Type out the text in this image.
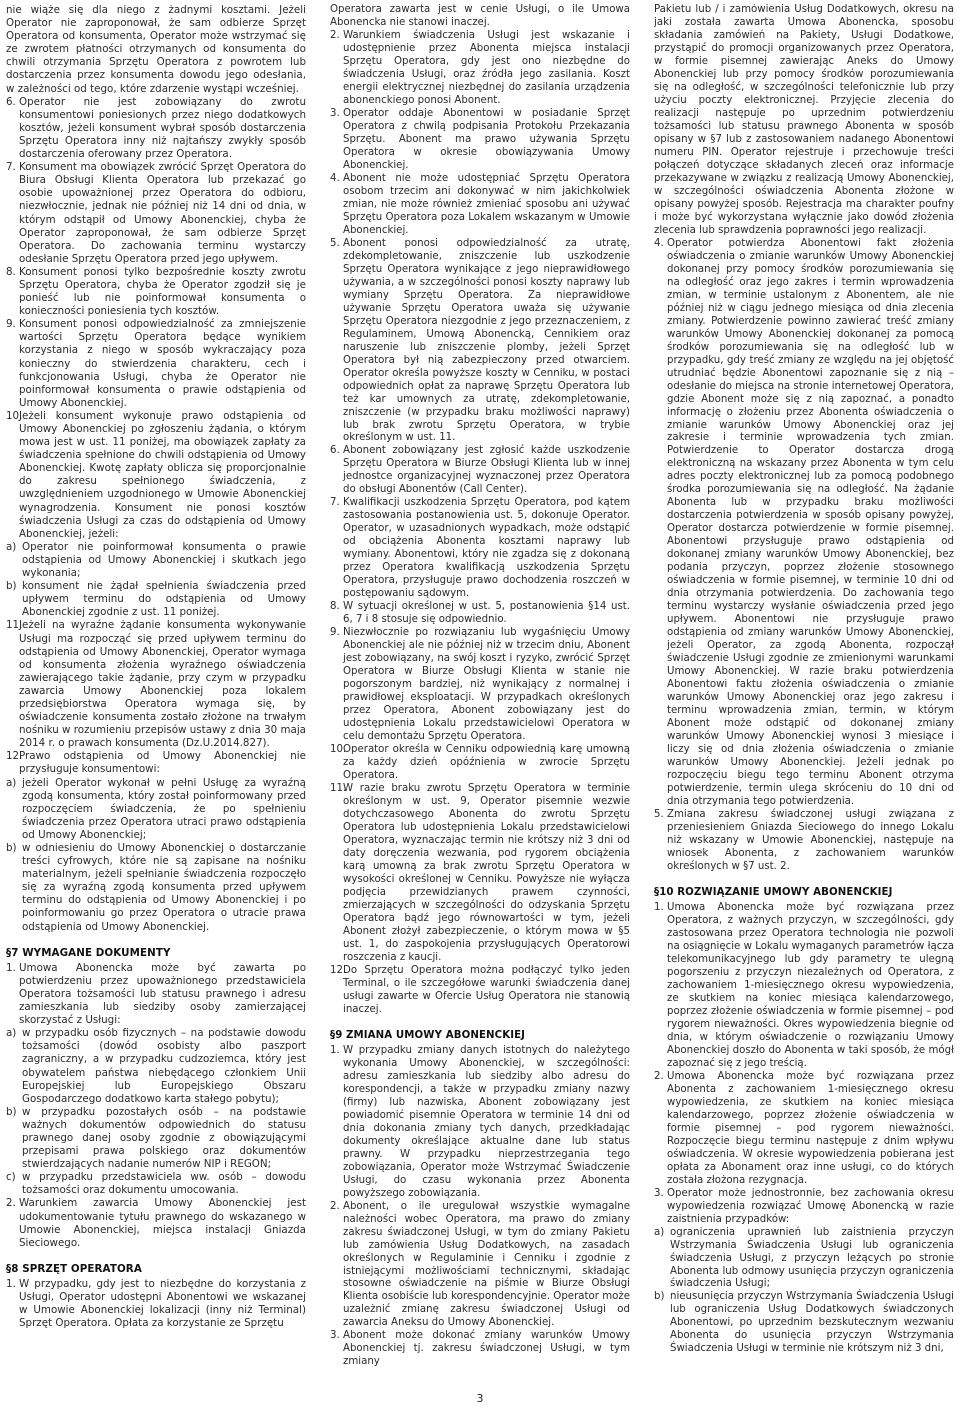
nie wiąże się dla niego z żadnymi kosztami. Jeżeli Operator nie zaproponował, że sam odbierze Sprzęt Operatora od konsumenta, Operator może wstrzymać się ze zwrotem płatności otrzymanych od konsumenta do chwili otrzymania Sprzętu Operatora z powrotem lub dostarczenia przez konsumenta dowodu jego odesłania, w zależności od tego, które zdarzenie wystąpi wcześniej.

6. Operator nie jest zobowiązany do zwrotu konsumentowi poniesionych przez niego dodatkowych kosztów, jeżeli konsument wybrał sposób dostarczenia Sprzętu Operatora inny niż najtańszy zwykły sposób dostarczenia oferowany przez Operatora.
7. Konsument ma obowiązek zwrócić Sprzęt Operatora do Biura Obsługi Klienta Operatora lub przekazać go osobie upoważnionej przez Operatora do odbioru, niezwłocznie, jednak nie później niż 14 dni od dnia, w którym odstąpił od Umowy Abonenckiej, chyba że Operator zaproponował, że sam odbierze Sprzęt Operatora. Do zachowania terminu wystarczy odesłanie Sprzętu Operatora przed jego upływem.
8. Konsument ponosi tylko bezpośrednie koszty zwrotu Sprzętu Operatora, chyba że Operator zgodził się je ponieść lub nie poinformował konsumenta o konieczności poniesienia tych kosztów.
9. Konsument ponosi odpowiedzialność za zmniejszenie wartości Sprzętu Operatora będące wynikiem korzystania z niego w sposób wykraczający poza konieczny do stwierdzenia charakteru, cech i funkcjonowania Usługi, chyba że Operator nie poinformował konsumenta o prawie odstąpienia od Umowy Abonenckiej.
10.
Jeżeli konsument wykonuje prawo odstąpienia od Umowy Abonenckiej po zgłoszeniu żądania, o którym mowa jest w ust. 11 poniżej, ma obowiązek zapłaty za świadczenia spełnione do chwili odstąpienia od Umowy Abonenckiej. Kwotę zapłaty oblicza się proporcjonalnie do zakresu spełnionego świadczenia, z uwzględnieniem uzgodnionego w Umowie Abonenckiej wynagrodzenia. Konsument nie ponosi kosztów świadczenia Usługi za czas do odstąpienia od Umowy Abonenckiej, jeżeli:
a) Operator nie poinformował konsumenta o prawie odstąpienia od Umowy Abonenckiej i skutkach jego wykonania;
b) konsument nie żądał spełnienia świadczenia przed upływem terminu do odstąpienia od Umowy Abonenckiej zgodnie z ust. 11 poniżej.
11.
Jeżeli na wyraźne żądanie konsumenta wykonywanie Usługi ma rozpocząć się przed upływem terminu do odstąpienia od Umowy Abonenckiej, Operator wymaga od konsumenta złożenia wyraźnego oświadczenia zawierającego takie żądanie, przy czym w przypadku zawarcia Umowy Abonenckiej poza lokalem przedsiębiorstwa Operatora wymaga się, by oświadczenie konsumenta zostało złożone na trwałym nośniku w rozumieniu przepisów ustawy z dnia 30 maja 2014 r. o prawach konsumenta (Dz.U.2014.827).
12.
Prawo odstąpienia od Umowy Abonenckiej nie przysługuje konsumentowi:
a) jeżeli Operator wykonał w pełni Usługę za wyraźną zgodą konsumenta, który został poinformowany przed rozpoczęciem świadczenia, że po spełnieniu świadczenia przez Operatora utraci prawo odstąpienia od Umowy Abonenckiej;
b) w odniesieniu do Umowy Abonenckiej o dostarczanie treści cyfrowych, które nie są zapisane na nośniku materialnym, jeżeli spełnianie świadczenia rozpoczęło się za wyraźną zgodą konsumenta przed upływem terminu do odstąpienia od Umowy Abonenckiej i po poinformowaniu go przez Operatora o utracie prawa odstąpienia od Umowy Abonenckiej.
§7 WYMAGANE DOKUMENTY
1. Umowa Abonencka może być zawarta po potwierdzeniu przez upoważnionego przedstawiciela Operatora tożsamości lub statusu prawnego i adresu zamieszkania lub siedziby osoby zamierzającej skorzystać z Usługi:
a) w przypadku osób fizycznych – na podstawie dowodu tożsamości (dowód osobisty albo paszport zagraniczny, a w przypadku cudzoziemca, który jest obywatelem państwa niebędącego członkiem Unii Europejskiej lub Europejskiego Obszaru Gospodarczego dodatkowo karta stałego pobytu);
b) w przypadku pozostałych osób – na podstawie ważnych dokumentów odpowiednich do statusu prawnego danej osoby zgodnie z obowiązującymi przepisami prawa polskiego oraz dokumentów stwierdzających nadanie numerów NIP i REGON;
c) w przypadku przedstawiciela ww. osób – dowodu tożsamości oraz dokumentu umocowania.
2. Warunkiem zawarcia Umowy Abonenckiej jest udokumentowanie tytułu prawnego do wskazanego w Umowie Abonenckiej, miejsca instalacji Gniazda Sieciowego.
§8 SPRZĘT OPERATORA
1. W przypadku, gdy jest to niezbędne do korzystania z Usługi, Operator udostępni Abonentowi we wskazanej w Umowie Abonenckiej lokalizacji (inny niż Terminal) Sprzęt Operatora. Opłata za korzystanie ze Sprzętu

Operatora zawarta jest w cenie Usługi, o ile Umowa Abonencka nie stanowi inaczej.

2. Warunkiem świadczenia Usługi jest wskazanie i udostępnienie przez Abonenta miejsca instalacji Sprzętu Operatora, gdy jest ono niezbędne do świadczenia Usługi, oraz źródła jego zasilania. Koszt energii elektrycznej niezbędnej do zasilania urządzenia abonenckiego ponosi Abonent.
3. Operator oddaje Abonentowi w posiadanie Sprzęt Operatora z chwilą podpisania Protokołu Przekazania Sprzętu. Abonent ma prawo używania Sprzętu Operatora w okresie obowiązywania Umowy Abonenckiej.
4. Abonent nie może udostępniać Sprzętu Operatora osobom trzecim ani dokonywać w nim jakichkolwiek zmian, nie może również zmieniać sposobu ani używać Sprzętu Operatora poza Lokalem wskazanym w Umowie Abonenckiej.
5. Abonent ponosi odpowiedzialność za utratę, zdekompletowanie, zniszczenie lub uszkodzenie Sprzętu Operatora wynikające z jego nieprawidłowego używania, a w szczególności ponosi koszty naprawy lub wymiany Sprzętu Operatora. Za nieprawidłowe używanie Sprzętu Operatora uważa się używanie Sprzętu Operatora niezgodnie z jego przeznaczeniem, z Regulaminem, Umową Abonencką, Cennikiem oraz naruszenie lub zniszczenie plomby, jeżeli Sprzęt Operatora był nią zabezpieczony przed otwarciem. Operator określa powyższe koszty w Cenniku, w postaci odpowiednich opłat za naprawę Sprzętu Operatora lub też kar umownych za utratę, zdekompletowanie, zniszczenie (w przypadku braku możliwości naprawy) lub brak zwrotu Sprzętu Operatora, w trybie określonym w ust. 11.
6. Abonent zobowiązany jest zgłosić każde uszkodzenie Sprzętu Operatora w Biurze Obsługi Klienta lub w innej jednostce organizacyjnej wyznaczonej przez Operatora do obsługi Abonentów (Call Center).
7. Kwalifikacji uszkodzenia Sprzętu Operatora, pod kątem zastosowania postanowienia ust. 5, dokonuje Operator. Operator, w uzasadnionych wypadkach, może odstąpić od obciążenia Abonenta kosztami naprawy lub wymiany. Abonentowi, który nie zgadza się z dokonaną przez Operatora kwalifikacją uszkodzenia Sprzętu Operatora, przysługuje prawo dochodzenia roszczeń w postępowaniu sądowym.
8. W sytuacji określonej w ust. 5, postanowienia §14 ust. 6, 7 i 8 stosuje się odpowiednio.
9. Niezwłocznie po rozwiązaniu lub wygaśnięciu Umowy Abonenckiej ale nie później niż w trzecim dniu, Abonent jest zobowiązany, na swój koszt i ryzyko, zwrócić Sprzęt Operatora w Biurze Obsługi Klienta w stanie nie pogorszonym bardziej, niż wynikający z normalnej i prawidłowej eksploatacji. W przypadkach określonych przez Operatora, Abonent zobowiązany jest do udostępnienia Lokalu przedstawicielowi Operatora w celu demontażu Sprzętu Operatora.
10.
Operator określa w Cenniku odpowiednią karę umowną za każdy dzień opóźnienia w zwrocie Sprzętu Operatora.
11.
W razie braku zwrotu Sprzętu Operatora w terminie określonym w ust. 9, Operator pisemnie wezwie dotychczasowego Abonenta do zwrotu Sprzętu Operatora lub udostępnienia Lokalu przedstawicielowi Operatora, wyznaczając termin nie krótszy niż 3 dni od daty doręczenia wezwania, pod rygorem obciążenia karą umowną za brak zwrotu Sprzętu Operatora w wysokości określonej w Cenniku. Powyższe nie wyłącza podjęcia przewidzianych prawem czynności, zmierzających w szczególności do odzyskania Sprzętu Operatora bądź jego równowartości w tym, jeżeli Abonent złożył zabezpieczenie, o którym mowa w §5 ust. 1, do zaspokojenia przysługujących Operatorowi roszczenia z kaucji.
12.
Do Sprzętu Operatora można podłączyć tylko jeden Terminal, o ile szczegółowe warunki świadczenia danej usługi zawarte w Ofercie Usług Operatora nie stanowią inaczej.
§9 ZMIANA UMOWY ABONENCKIEJ
1. W przypadku zmiany danych istotnych do należytego wykonania Umowy Abonenckiej, w szczególności: adresu zamieszkania lub siedziby albo adresu do korespondencji, a także w przypadku zmiany nazwy (firmy) lub nazwiska, Abonent zobowiązany jest powiadomić pisemnie Operatora w terminie 14 dni od dnia dokonania zmiany tych danych, przedkładając dokumenty określające aktualne dane lub status prawny. W przypadku nieprzestrzegania tego zobowiązania, Operator może Wstrzymać Świadczenie Usługi, do czasu wykonania przez Abonenta powyższego zobowiązania.
2. Abonent, o ile uregulował wszystkie wymagalne należności wobec Operatora, ma prawo do zmiany zakresu świadczonej Usługi, w tym do zmiany Pakietu lub zamówienia Usług Dodatkowych, na zasadach określonych w Regulaminie i Cenniku i zgodnie z istniejącymi możliwościami technicznymi, składając stosowne oświadczenie na piśmie w Biurze Obsługi Klienta osobiście lub korespondencyjnie. Operator może uzależnić zmianę zakresu świadczonej Usługi od zawarcia Aneksu do Umowy Abonenckiej.
3. Abonent może dokonać zmiany warunków Umowy Abonenckiej tj. zakresu świadczonej Usługi, w tym zmiany

Pakietu lub / i zamówienia Usług Dodatkowych, okresu na jaki została zawarta Umowa Abonencka, sposobu składania zamówień na Pakiety, Usługi Dodatkowe, przystąpić do promocji organizowanych przez Operatora, w formie pisemnej zawierając Aneks do Umowy Abonenckiej lub przy pomocy środków porozumiewania się na odległość, w szczególności telefonicznie lub przy użyciu poczty elektronicznej. Przyjęcie zlecenia do realizacji następuje po uprzednim potwierdzeniu tożsamości lub statusu prawnego Abonenta w sposób opisany w §7 lub z zastosowaniem nadanego Abonentowi numeru PIN. Operator rejestruje i przechowuje treści połączeń dotyczące składanych zleceń oraz informacje przekazywane w związku z realizacją Umowy Abonenckiej, w szczególności oświadczenia Abonenta złożone w opisany powyżej sposób. Rejestracja ma charakter poufny i może być wykorzystana wyłącznie jako dowód złożenia zlecenia lub sprawdzenia poprawności jego realizacji.

4. Operator potwierdza Abonentowi fakt złożenia oświadczenia o zmianie warunków Umowy Abonenckiej dokonanej przy pomocy środków porozumiewania się na odległość oraz jego zakres i termin wprowadzenia zmian, w terminie ustalonym z Abonentem, ale nie później niż w ciągu jednego miesiąca od dnia zlecenia zmiany. Potwierdzenie powinno zawierać treść zmiany warunków Umowy Abonenckiej dokonanej za pomocą środków porozumiewania się na odległość lub w przypadku, gdy treść zmiany ze względu na jej objętość utrudniać będzie Abonentowi zapoznanie się z nią – odesłanie do miejsca na stronie internetowej Operatora, gdzie Abonent może się z nią zapoznać, a ponadto informację o złożeniu przez Abonenta oświadczenia o zmianie warunków Umowy Abonenckiej oraz jej zakresie i terminie wprowadzenia tych zmian. Potwierdzenie to Operator dostarcza drogą elektroniczną na wskazany przez Abonenta w tym celu adres poczty elektronicznej lub za pomocą podobnego środka porozumiewania się na odległość. Na żądanie Abonenta lub w przypadku braku możliwości dostarczenia potwierdzenia w sposób opisany powyżej, Operator dostarcza potwierdzenie w formie pisemnej. Abonentowi przysługuje prawo odstąpienia od dokonanej zmiany warunków Umowy Abonenckiej, bez podania przyczyn, poprzez złożenie stosownego oświadczenia w formie pisemnej, w terminie 10 dni od dnia otrzymania potwierdzenia. Do zachowania tego terminu wystarczy wysłanie oświadczenia przed jego upływem. Abonentowi nie przysługuje prawo odstąpienia od zmiany warunków Umowy Abonenckiej, jeżeli Operator, za zgodą Abonenta, rozpoczął świadczenie Usługi zgodnie ze zmienionymi warunkami Umowy Abonenckiej. W razie braku potwierdzenia Abonentowi faktu złożenia oświadczenia o zmianie warunków Umowy Abonenckiej oraz jego zakresu i terminu wprowadzenia zmian, termin, w którym Abonent może odstąpić od dokonanej zmiany warunków Umowy Abonenckiej wynosi 3 miesiące i liczy się od dnia złożenia oświadczenia o zmianie warunków Umowy Abonenckiej. Jeżeli jednak po rozpoczęciu biegu tego terminu Abonent otrzyma potwierdzenie, termin ulega skróceniu do 10 dni od dnia otrzymania tego potwierdzenia.
5. Zmiana zakresu świadczonej usługi związana z przeniesieniem Gniazda Sieciowego do innego Lokalu niż wskazany w Umowie Abonenckiej, następuje na wniosek Abonenta, z zachowaniem warunków określonych w §7 ust. 2.
§10 ROZWIĄZANIE UMOWY ABONENCKIEJ
1. Umowa Abonencka może być rozwiązana przez Operatora, z ważnych przyczyn, w szczególności, gdy zastosowana przez Operatora technologia nie pozwoli na osiągnięcie w Lokalu wymaganych parametrów łącza telekomunikacyjnego lub gdy parametry te ulegną pogorszeniu z przyczyn niezależnych od Operatora, z zachowaniem 1-miesięcznego okresu wypowiedzenia, ze skutkiem na koniec miesiąca kalendarzowego, poprzez złożenie oświadczenia w formie pisemnej – pod rygorem nieważności. Okres wypowiedzenia biegnie od dnia, w którym oświadczenie o rozwiązaniu Umowy Abonenckiej doszło do Abonenta w taki sposób, że mógł zapoznać się z jego treścią.
2. Umowa Abonencka może być rozwiązana przez Abonenta z zachowaniem 1-miesięcznego okresu wypowiedzenia, ze skutkiem na koniec miesiąca kalendarzowego, poprzez złożenie oświadczenia w formie pisemnej – pod rygorem nieważności. Rozpoczęcie biegu terminu następuje z dnim wpływu oświadczenia. W okresie wypowiedzenia pobierana jest opłata za Abonament oraz inne usługi, co do których została złożona rezygnacja.
3. Operator może jednostronnie, bez zachowania okresu wypowiedzenia rozwiązać Umowę Abonencką w razie zaistnienia przypadków:
a) ograniczenia uprawnień lub zaistnienia przyczyn Wstrzymania Świadczenia Usługi lub ograniczenia świadczenia Usługi, z przyczyn leżących po stronie Abonenta lub odmowy usunięcia przyczyn ograniczenia świadczenia Usługi;
b) nieusunięcia przyczyn Wstrzymania Świadczenia Usługi lub ograniczenia Usług Dodatkowych świadczonych Abonentowi, po uprzednim bezskutecznym wezwaniu Abonenta do usunięcia przyczyn Wstrzymania Świadczenia Usługi w terminie nie krótszym niż 3 dni,
3
